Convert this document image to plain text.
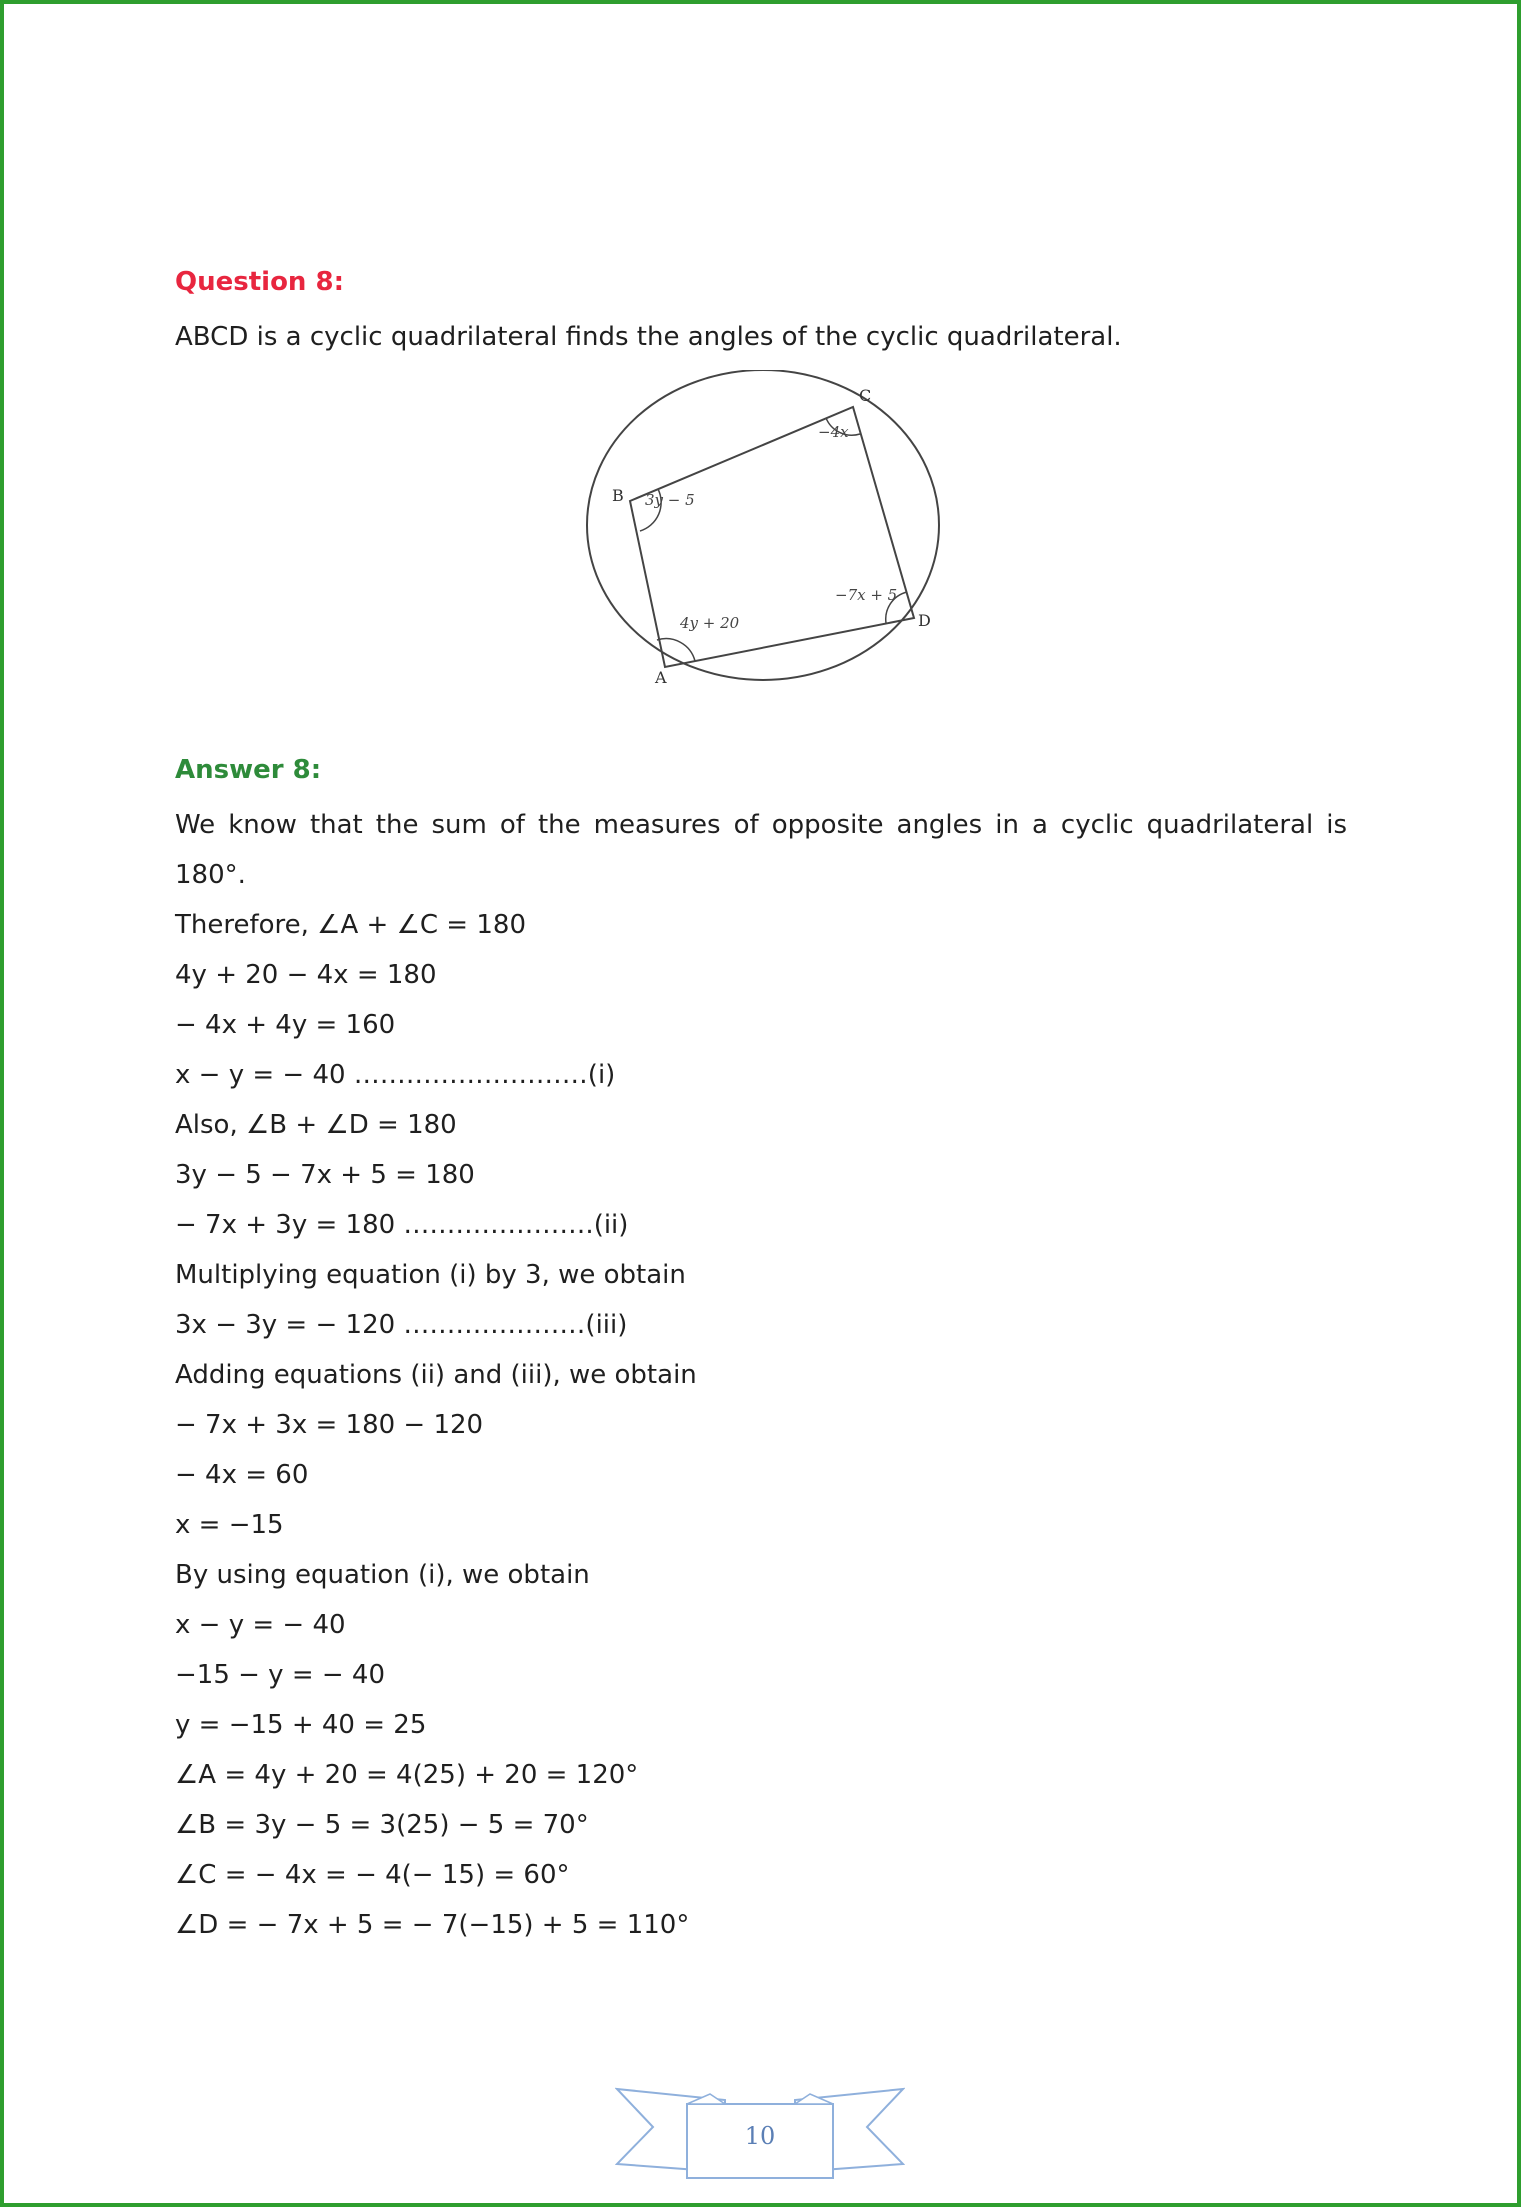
Question 8:
ABCD is a cyclic quadrilateral finds the angles of the cyclic quadrilateral.
B
C
D
A
3y − 5
−4x
−7x + 5
4y + 20
Answer 8:
We know that the sum of the measures of opposite angles in a cyclic quadrilateral is 180°.
Therefore, ∠A + ∠C = 180
4y + 20 − 4x = 180
− 4x + 4y = 160
x − y = − 40 ………………………(i)
Also, ∠B + ∠D = 180
3y − 5 − 7x + 5 = 180
− 7x + 3y = 180 ………………….(ii)
Multiplying equation (i) by 3, we obtain
3x − 3y = − 120 …………………(iii)
Adding equations (ii) and (iii), we obtain
− 7x + 3x = 180 − 120
− 4x = 60
x = −15
By using equation (i), we obtain
x − y = − 40
−15 − y = − 40
y = −15 + 40 = 25
∠A = 4y + 20 = 4(25) + 20 = 120°
∠B = 3y − 5 = 3(25) − 5 = 70°
∠C = − 4x = − 4(− 15) = 60°
∠D = − 7x + 5 = − 7(−15) + 5 = 110°
10
